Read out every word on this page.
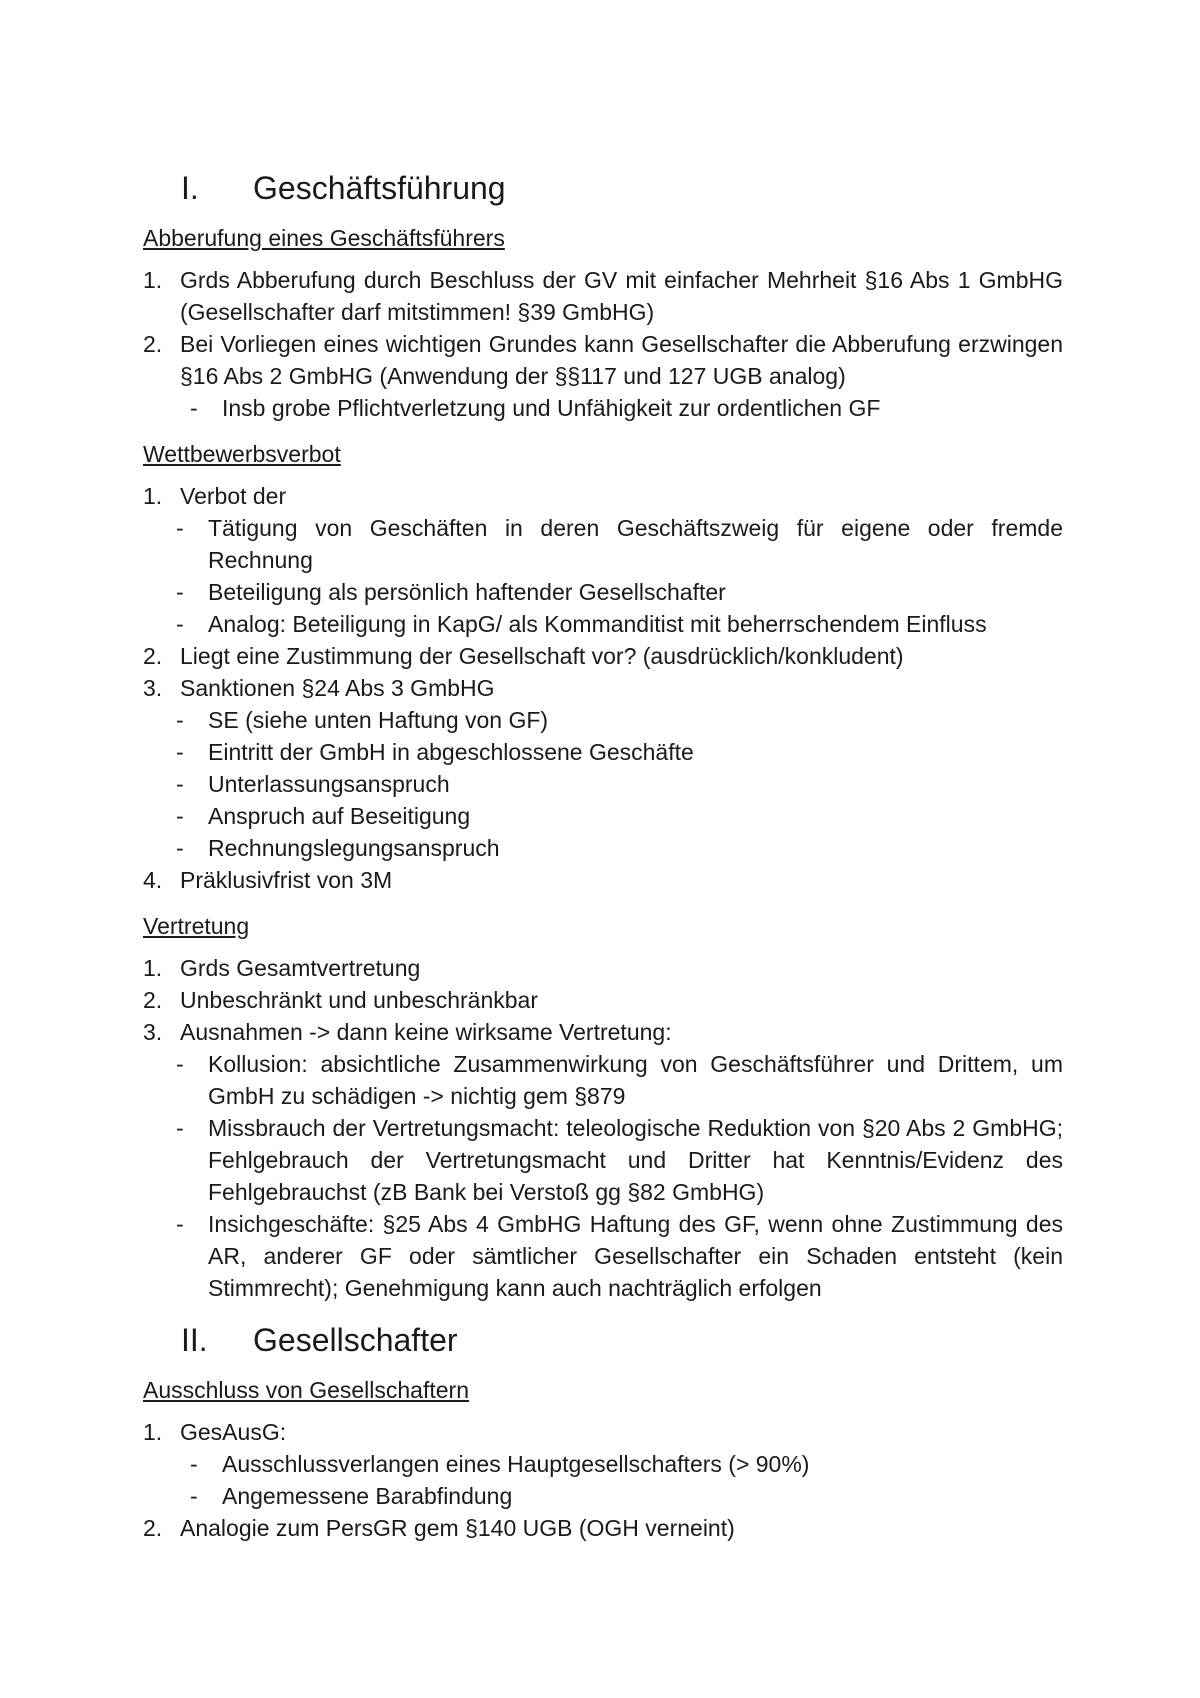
I.	Geschäftsführung
Abberufung eines Geschäftsführers
1. Grds Abberufung durch Beschluss der GV mit einfacher Mehrheit §16 Abs 1 GmbHG (Gesellschafter darf mitstimmen! §39 GmbHG)
2. Bei Vorliegen eines wichtigen Grundes kann Gesellschafter die Abberufung erzwingen §16 Abs 2 GmbHG (Anwendung der §§117 und 127 UGB analog)
-	Insb grobe Pflichtverletzung und Unfähigkeit zur ordentlichen GF
Wettbewerbsverbot
1. Verbot der
-	Tätigung von Geschäften in deren Geschäftszweig für eigene oder fremde Rechnung
-	Beteiligung als persönlich haftender Gesellschafter
-	Analog: Beteiligung in KapG/ als Kommanditist mit beherrschendem Einfluss
2. Liegt eine Zustimmung der Gesellschaft vor? (ausdrücklich/konkludent)
3. Sanktionen §24 Abs 3 GmbHG
-	SE (siehe unten Haftung von GF)
-	Eintritt der GmbH in abgeschlossene Geschäfte
-	Unterlassungsanspruch
-	Anspruch auf Beseitigung
-	Rechnungslegungsanspruch
4. Präklusivfrist von 3M
Vertretung
1. Grds Gesamtvertretung
2. Unbeschränkt und unbeschränkbar
3. Ausnahmen -> dann keine wirksame Vertretung:
-	Kollusion: absichtliche Zusammenwirkung von Geschäftsführer und Drittem, um GmbH zu schädigen -> nichtig gem §879
-	Missbrauch der Vertretungsmacht: teleologische Reduktion von §20 Abs 2 GmbHG; Fehlgebrauch der Vertretungsmacht und Dritter hat Kenntnis/Evidenz des Fehlgebrauchst (zB Bank bei Verstoß gg §82 GmbHG)
-	Insichgeschäfte: §25 Abs 4 GmbHG Haftung des GF, wenn ohne Zustimmung des AR, anderer GF oder sämtlicher Gesellschafter ein Schaden entsteht (kein Stimmrecht); Genehmigung kann auch nachträglich erfolgen
II.	Gesellschafter
Ausschluss von Gesellschaftern
1. GesAusG:
-	Ausschlussverlangen eines Hauptgesellschafters (> 90%)
-	Angemessene Barabfindung
2. Analogie zum PersGR gem §140 UGB (OGH verneint)
